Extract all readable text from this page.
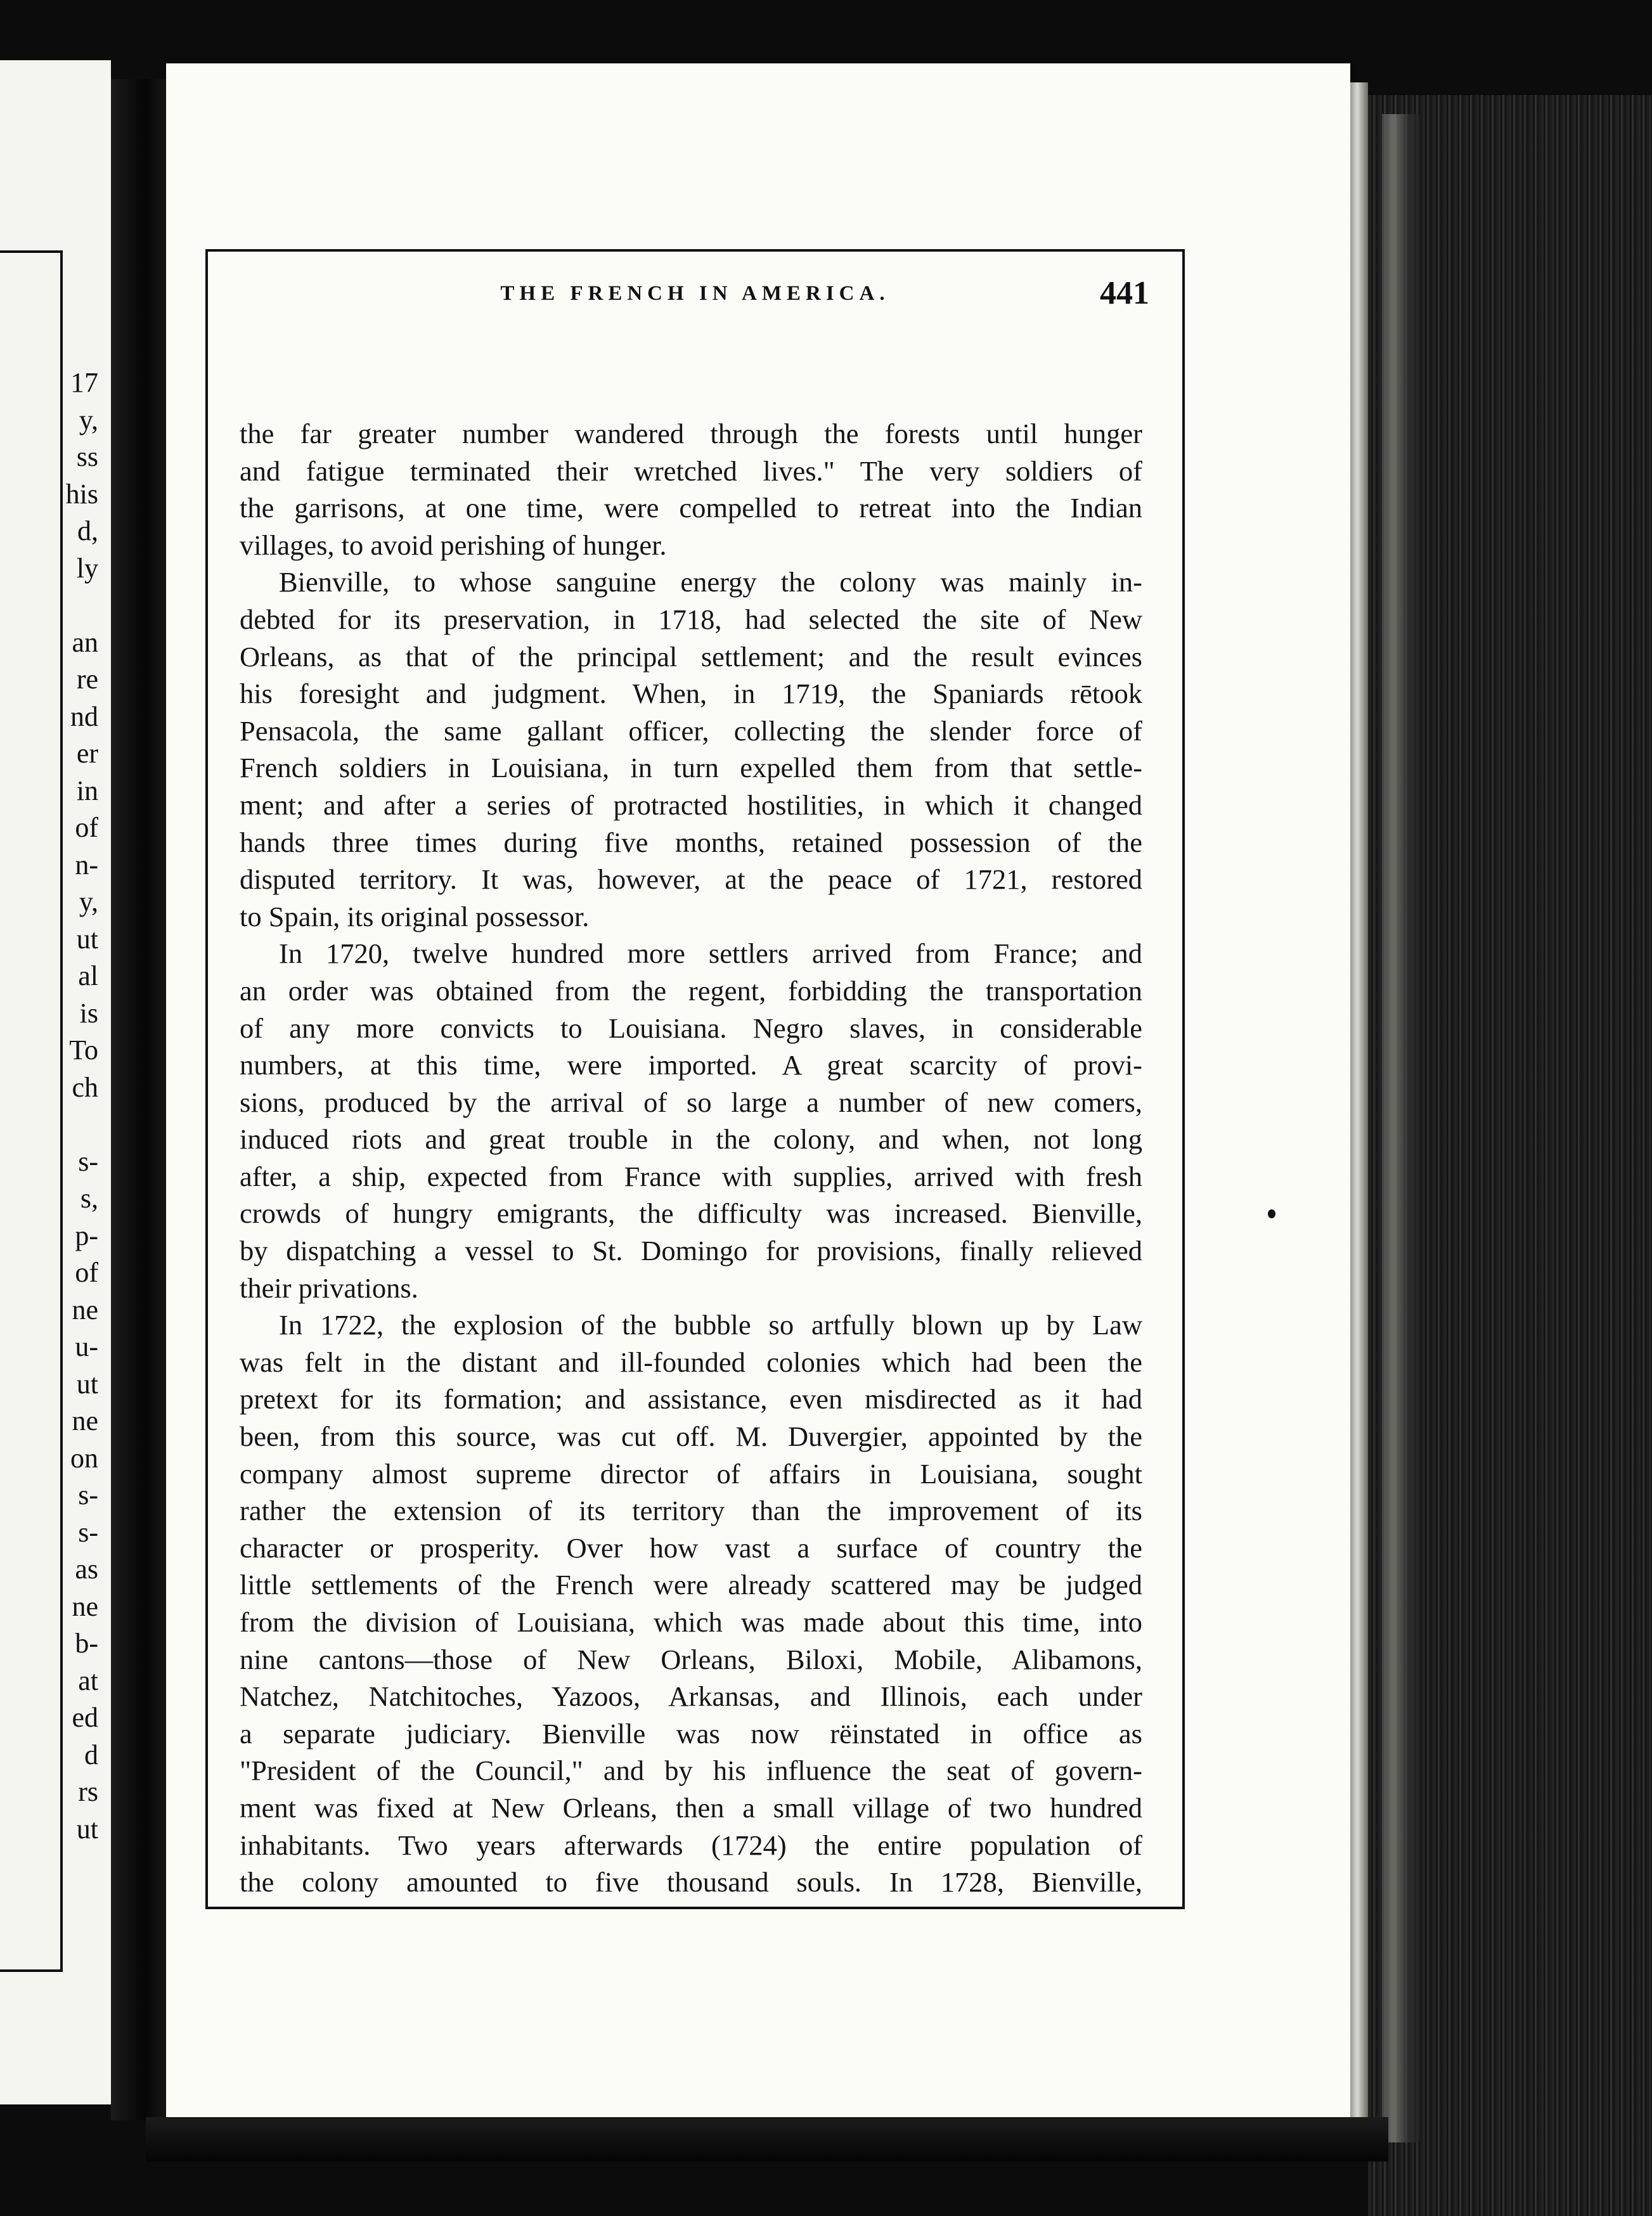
17
y,
ss
his
d,
ly
an
re
nd
er
in
of
n-
y,
ut
al
is
To
ch
s-
s,
p-
of
ne
u-
ut
ne
on
s-
s-
as
ne
b-
at
ed
d
rs
ut
THE FRENCH IN AMERICA.	441
the far greater number wandered through the forests until hunger
and fatigue terminated their wretched lives." The very soldiers of
the garrisons, at one time, were compelled to retreat into the Indian
villages, to avoid perishing of hunger.
Bienville, to whose sanguine energy the colony was mainly in-
debted for its preservation, in 1718, had selected the site of New
Orleans, as that of the principal settlement; and the result evinces
his foresight and judgment. When, in 1719, the Spaniards rētook
Pensacola, the same gallant officer, collecting the slender force of
French soldiers in Louisiana, in turn expelled them from that settle-
ment; and after a series of protracted hostilities, in which it changed
hands three times during five months, retained possession of the
disputed territory. It was, however, at the peace of 1721, restored
to Spain, its original possessor.
In 1720, twelve hundred more settlers arrived from France; and
an order was obtained from the regent, forbidding the transportation
of any more convicts to Louisiana. Negro slaves, in considerable
numbers, at this time, were imported. A great scarcity of provi-
sions, produced by the arrival of so large a number of new comers,
induced riots and great trouble in the colony, and when, not long
after, a ship, expected from France with supplies, arrived with fresh
crowds of hungry emigrants, the difficulty was increased. Bienville,
by dispatching a vessel to St. Domingo for provisions, finally relieved
their privations.
In 1722, the explosion of the bubble so artfully blown up by Law
was felt in the distant and ill-founded colonies which had been the
pretext for its formation; and assistance, even misdirected as it had
been, from this source, was cut off. M. Duvergier, appointed by the
company almost supreme director of affairs in Louisiana, sought
rather the extension of its territory than the improvement of its
character or prosperity. Over how vast a surface of country the
little settlements of the French were already scattered may be judged
from the division of Louisiana, which was made about this time, into
nine cantons—those of New Orleans, Biloxi, Mobile, Alibamons,
Natchez, Natchitoches, Yazoos, Arkansas, and Illinois, each under
a separate judiciary. Bienville was now rëinstated in office as
"President of the Council," and by his influence the seat of govern-
ment was fixed at New Orleans, then a small village of two hundred
inhabitants. Two years afterwards (1724) the entire population of
the colony amounted to five thousand souls. In 1728, Bienville,
